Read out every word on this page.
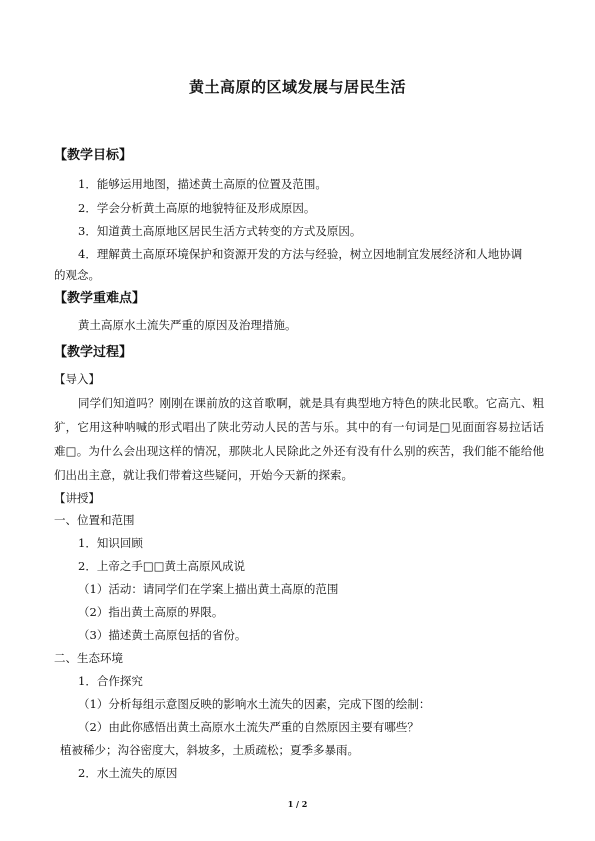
黄土高原的区域发展与居民生活
【教学目标】
1．能够运用地图，描述黄土高原的位置及范围。
2．学会分析黄土高原的地貌特征及形成原因。
3．知道黄土高原地区居民生活方式转变的方式及原因。
4．理解黄土高原环境保护和资源开发的方法与经验，树立因地制宜发展经济和人地协调
的观念。
【教学重难点】
黄土高原水土流失严重的原因及治理措施。
【教学过程】
【导入】
同学们知道吗？刚刚在课前放的这首歌啊，就是具有典型地方特色的陕北民歌。它高亢、粗犷，它用这种呐喊的形式唱出了陕北劳动人民的苦与乐。其中的有一句词是□见面面容易拉话话难□。为什么会出现这样的情况，那陕北人民除此之外还有没有什么别的疾苦，我们能不能给他们出出主意，就让我们带着这些疑问，开始今天新的探索。
【讲授】
一、位置和范围
1．知识回顾
2．上帝之手□□黄土高原风成说
（1）活动：请同学们在学案上描出黄土高原的范围
（2）指出黄土高原的界限。
（3）描述黄土高原包括的省份。
二、生态环境
1．合作探究
（1）分析每组示意图反映的影响水土流失的因素，完成下图的绘制：
（2）由此你感悟出黄土高原水土流失严重的自然原因主要有哪些？
植被稀少；沟谷密度大，斜坡多，土质疏松；夏季多暴雨。
2．水土流失的原因
1 / 2
